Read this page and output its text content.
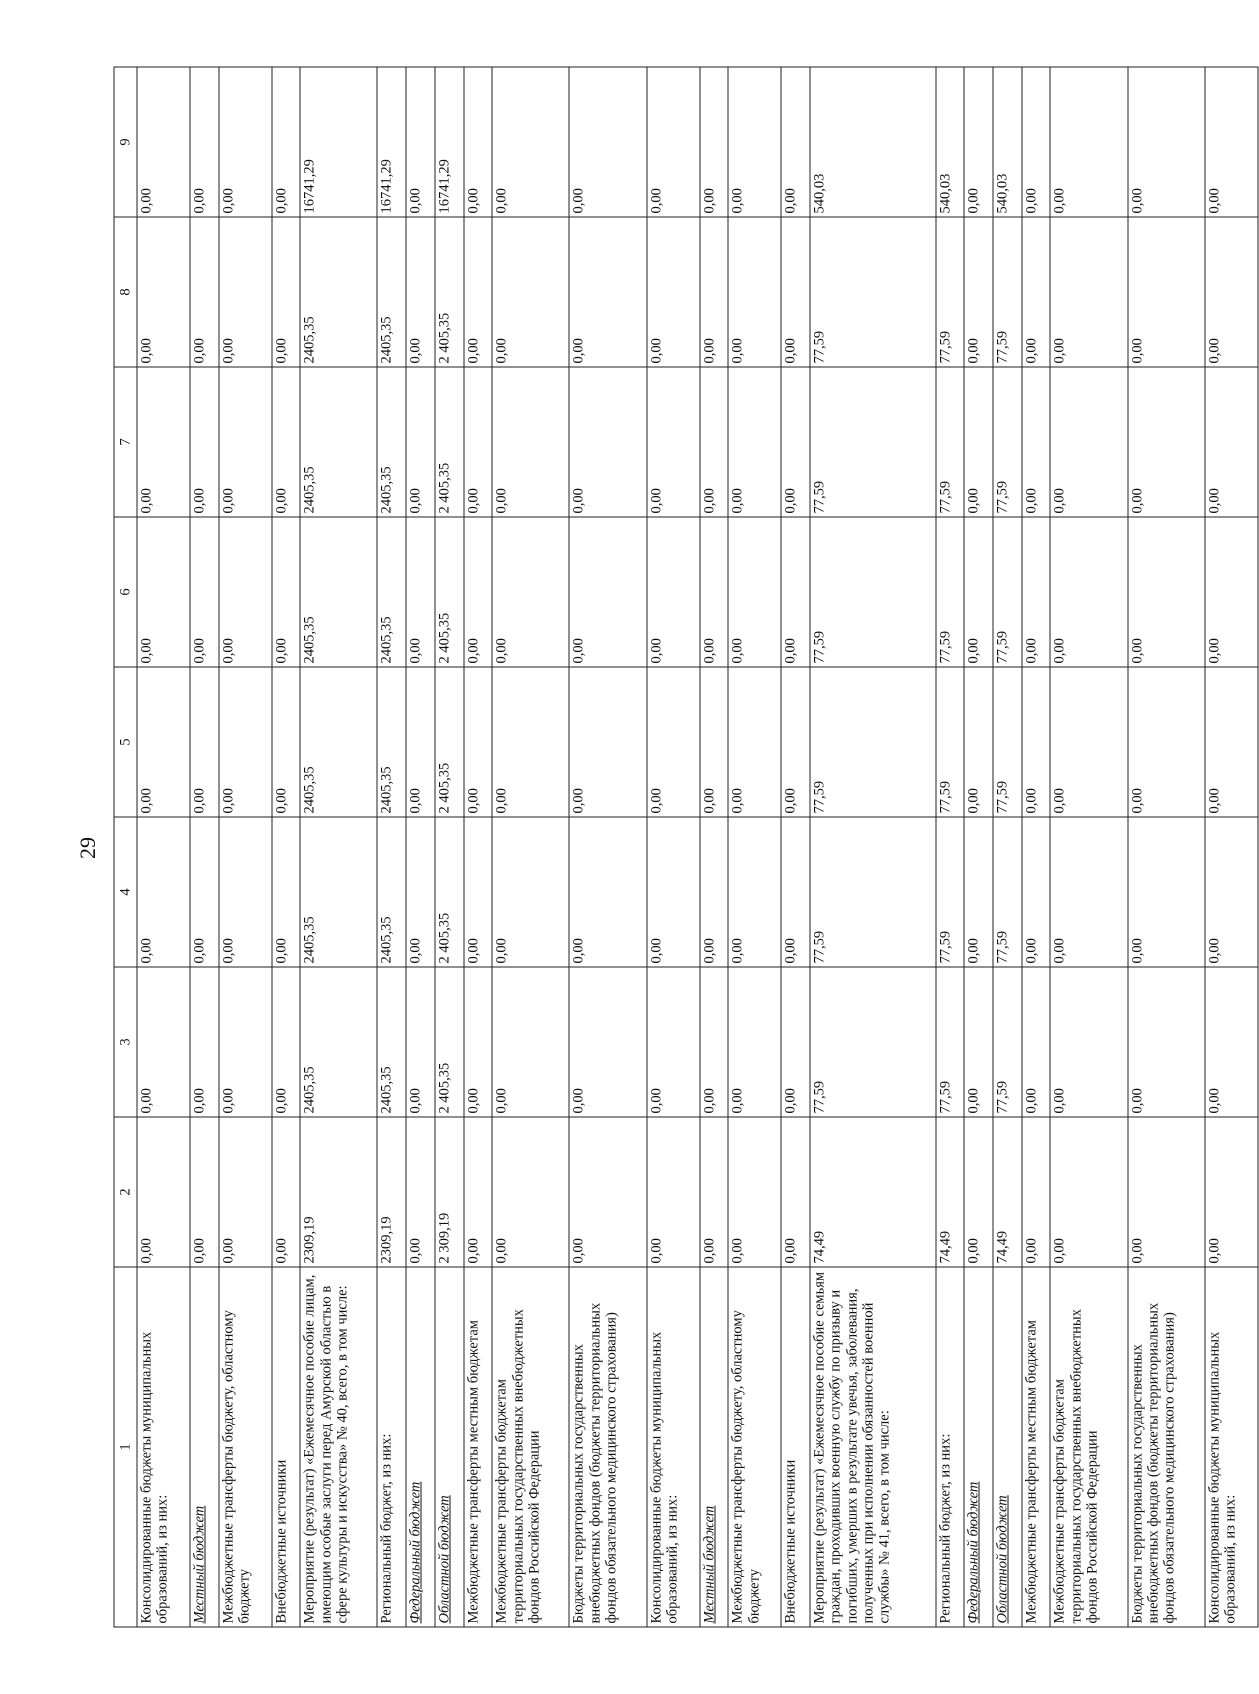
29
1	2	3	4	5	6	7	8	9
Консолидированные бюджеты муниципальных образований, из них:	0,00	0,00	0,00	0,00	0,00	0,00	0,00	0,00
Местный бюджет	0,00	0,00	0,00	0,00	0,00	0,00	0,00	0,00
Межбюджетные трансферты бюджету, областному бюджету	0,00	0,00	0,00	0,00	0,00	0,00	0,00	0,00
Внебюджетные источники	0,00	0,00	0,00	0,00	0,00	0,00	0,00	0,00
Мероприятие (результат) «Ежемесячное пособие лицам, имеющим особые заслуги перед Амурской областью в сфере культуры и искусства» № 40, всего, в том числе:	2309,19	2405,35	2405,35	2405,35	2405,35	2405,35	2405,35	16741,29
Региональный бюджет, из них:	2309,19	2405,35	2405,35	2405,35	2405,35	2405,35	2405,35	16741,29
Федеральный бюджет	0,00	0,00	0,00	0,00	0,00	0,00	0,00	0,00
Областной бюджет	2 309,19	2 405,35	2 405,35	2 405,35	2 405,35	2 405,35	2 405,35	16741,29
Межбюджетные трансферты местным бюджетам	0,00	0,00	0,00	0,00	0,00	0,00	0,00	0,00
Межбюджетные трансферты бюджетам территориальных государственных внебюджетных фондов Российской Федерации	0,00	0,00	0,00	0,00	0,00	0,00	0,00	0,00
Бюджеты территориальных государственных внебюджетных фондов (бюджеты территориальных фондов обязательного медицинского страхования)	0,00	0,00	0,00	0,00	0,00	0,00	0,00	0,00
Консолидированные бюджеты муниципальных образований, из них:	0,00	0,00	0,00	0,00	0,00	0,00	0,00	0,00
Местный бюджет	0,00	0,00	0,00	0,00	0,00	0,00	0,00	0,00
Межбюджетные трансферты бюджету, областному бюджету	0,00	0,00	0,00	0,00	0,00	0,00	0,00	0,00
Внебюджетные источники	0,00	0,00	0,00	0,00	0,00	0,00	0,00	0,00
Мероприятие (результат) «Ежемесячное пособие семьям граждан, проходивших военную службу по призыву и погибших, умерших в результате увечья, заболевания, полученных при исполнении обязанностей военной службы» № 41, всего, в том числе:	74,49	77,59	77,59	77,59	77,59	77,59	77,59	540,03
Региональный бюджет, из них:	74,49	77,59	77,59	77,59	77,59	77,59	77,59	540,03
Федеральный бюджет	0,00	0,00	0,00	0,00	0,00	0,00	0,00	0,00
Областной бюджет	74,49	77,59	77,59	77,59	77,59	77,59	77,59	540,03
Межбюджетные трансферты местным бюджетам	0,00	0,00	0,00	0,00	0,00	0,00	0,00	0,00
Межбюджетные трансферты бюджетам территориальных государственных внебюджетных фондов Российской Федерации	0,00	0,00	0,00	0,00	0,00	0,00	0,00	0,00
Бюджеты территориальных государственных внебюджетных фондов (бюджеты территориальных фондов обязательного медицинского страхования)	0,00	0,00	0,00	0,00	0,00	0,00	0,00	0,00
Консолидированные бюджеты муниципальных образований, из них:	0,00	0,00	0,00	0,00	0,00	0,00	0,00	0,00
